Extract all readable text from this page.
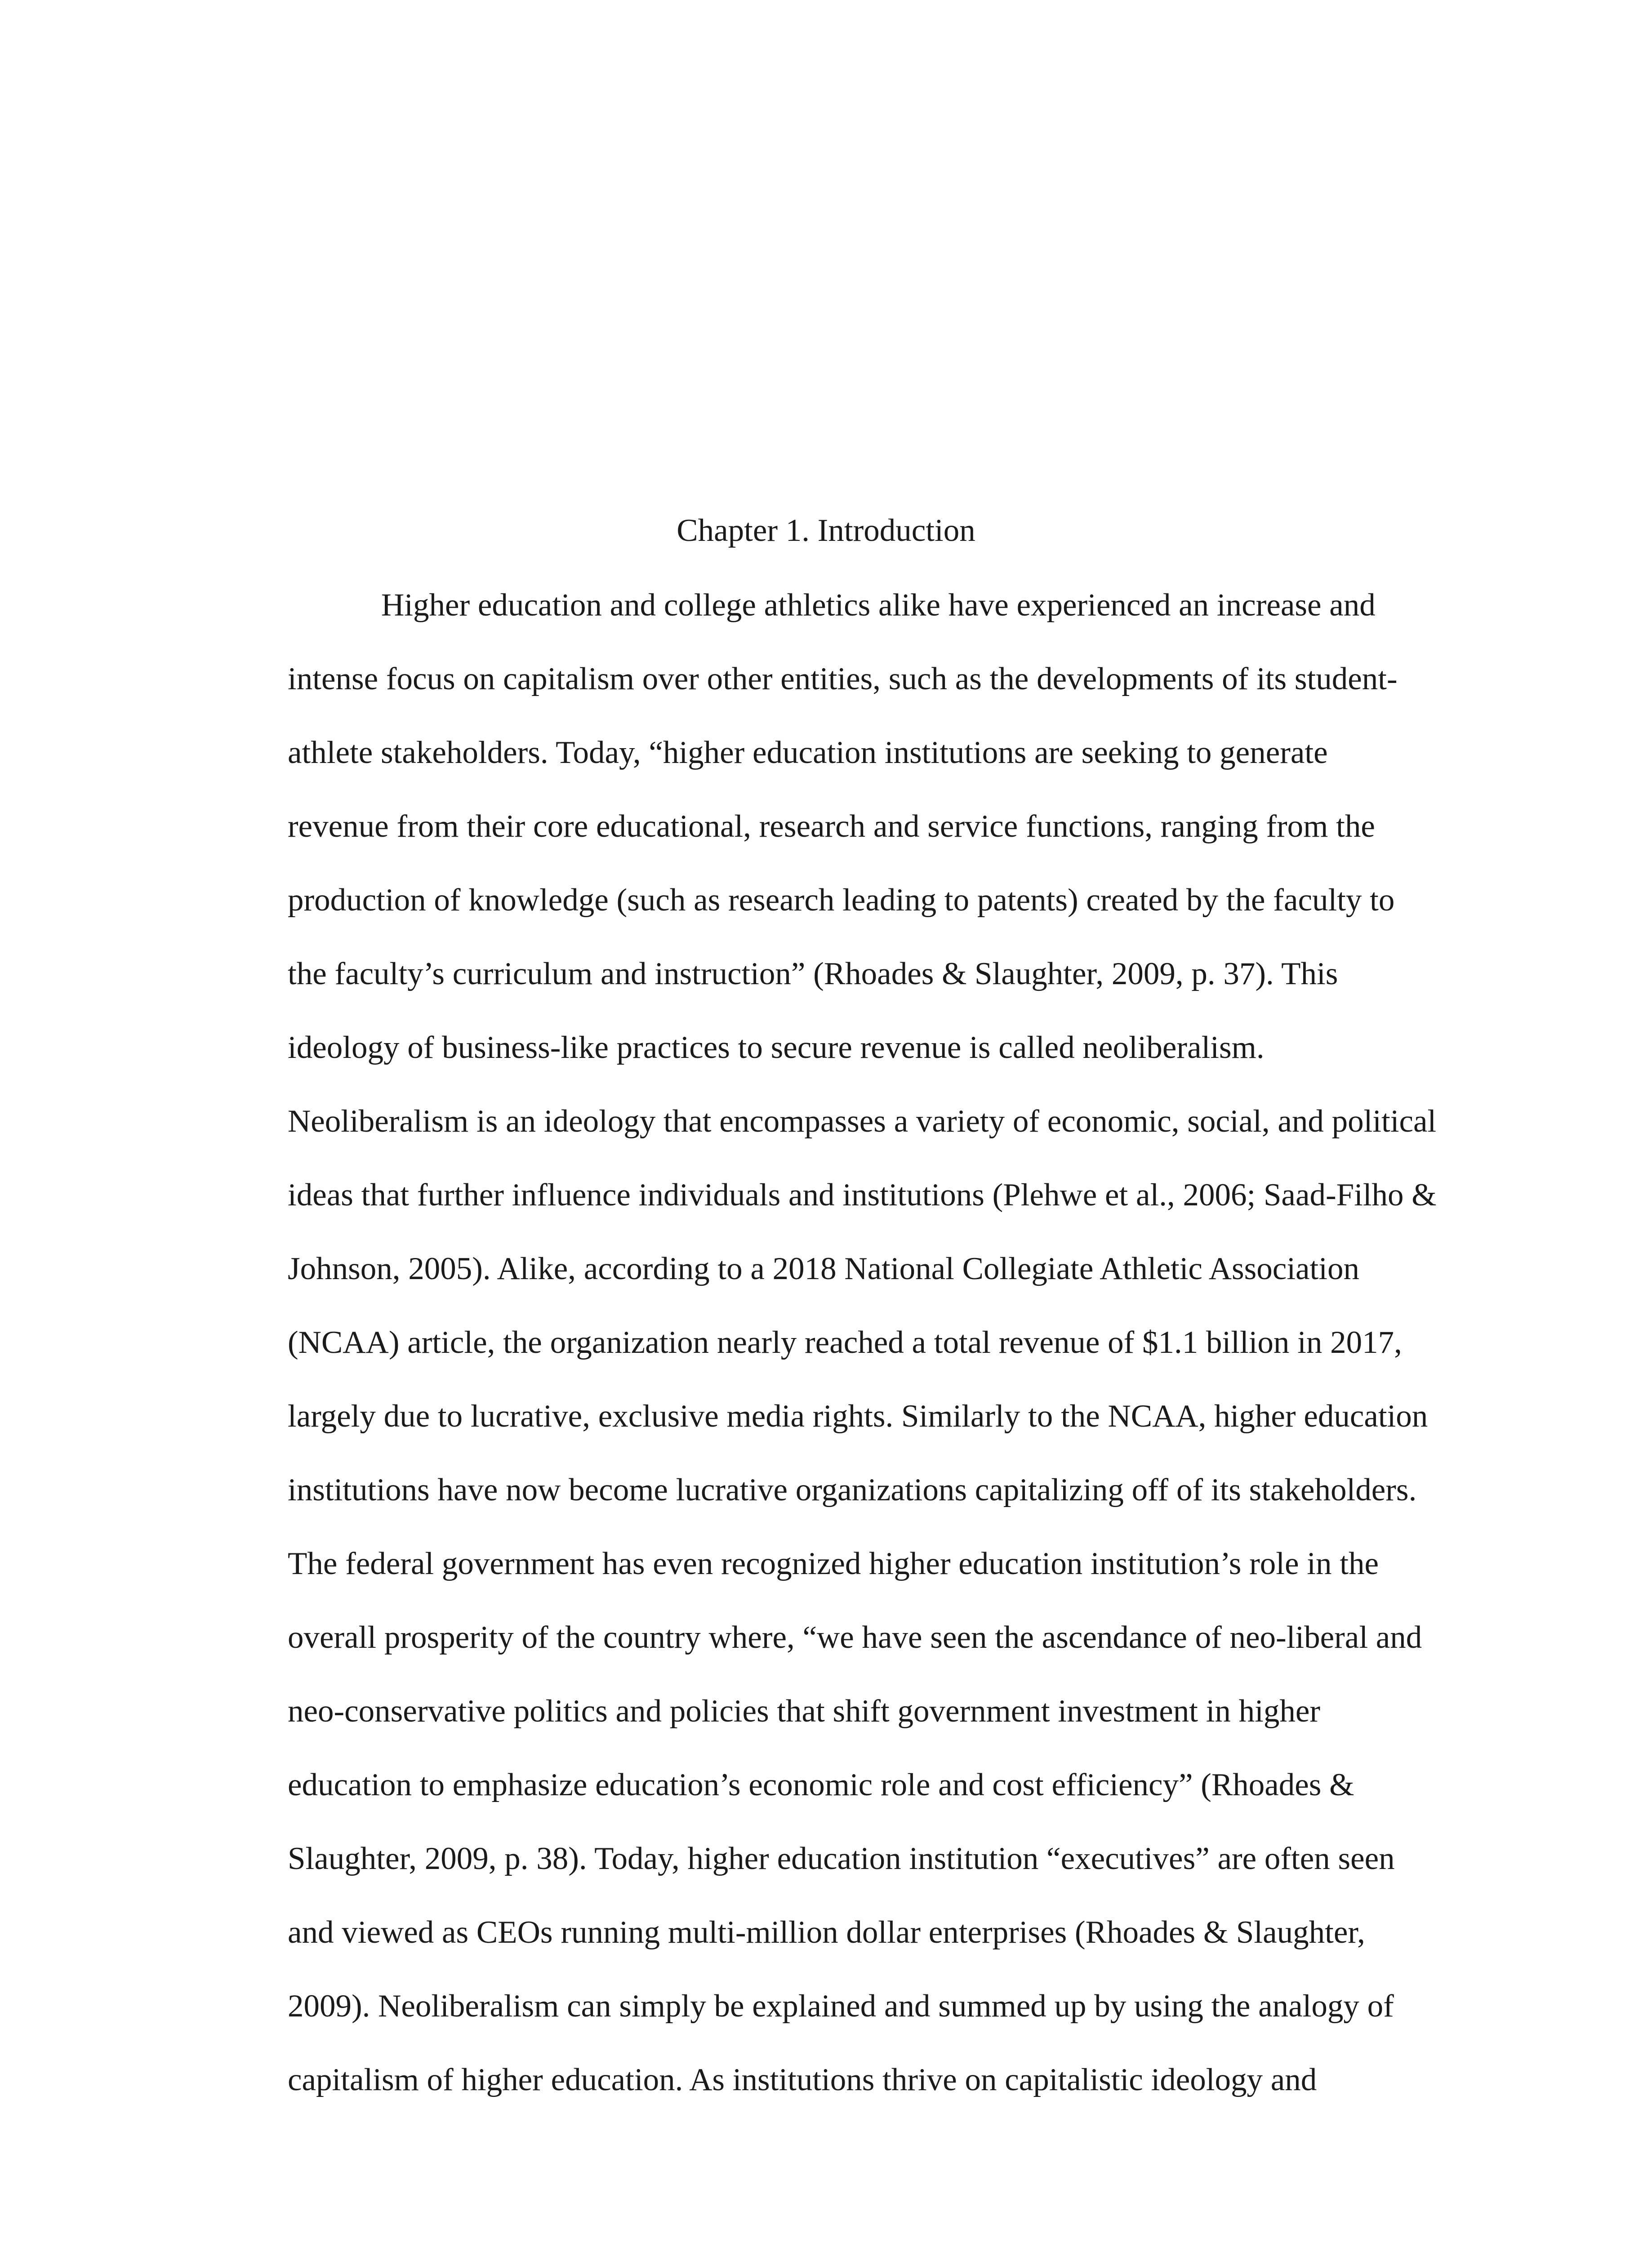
Chapter 1. Introduction
Higher education and college athletics alike have experienced an increase and
intense focus on capitalism over other entities, such as the developments of its student-
athlete stakeholders. Today, “higher education institutions are seeking to generate
revenue from their core educational, research and service functions, ranging from the
production of knowledge (such as research leading to patents) created by the faculty to
the faculty’s curriculum and instruction” (Rhoades & Slaughter, 2009, p. 37). This
ideology of business-like practices to secure revenue is called neoliberalism.
Neoliberalism is an ideology that encompasses a variety of economic, social, and political
ideas that further influence individuals and institutions (Plehwe et al., 2006; Saad-Filho &
Johnson, 2005). Alike, according to a 2018 National Collegiate Athletic Association
(NCAA) article, the organization nearly reached a total revenue of $1.1 billion in 2017,
largely due to lucrative, exclusive media rights. Similarly to the NCAA, higher education
institutions have now become lucrative organizations capitalizing off of its stakeholders.
The federal government has even recognized higher education institution’s role in the
overall prosperity of the country where, “we have seen the ascendance of neo-liberal and
neo-conservative politics and policies that shift government investment in higher
education to emphasize education’s economic role and cost efficiency” (Rhoades &
Slaughter, 2009, p. 38). Today, higher education institution “executives” are often seen
and viewed as CEOs running multi-million dollar enterprises (Rhoades & Slaughter,
2009). Neoliberalism can simply be explained and summed up by using the analogy of
capitalism of higher education. As institutions thrive on capitalistic ideology and
